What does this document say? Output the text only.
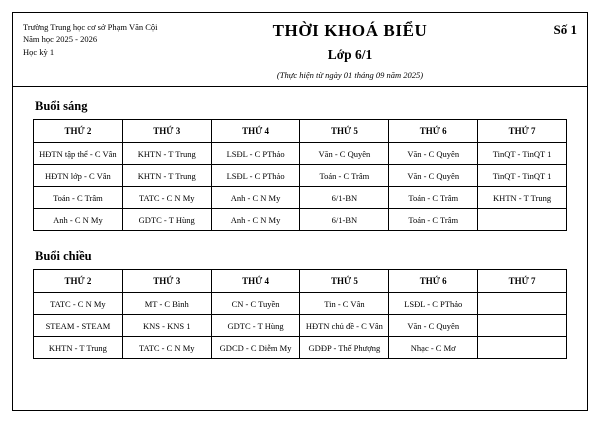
Trường Trung học cơ sở Phạm Văn Cội
Năm học 2025 - 2026
Học kỳ 1
THỜI KHOÁ BIỂU
Lớp 6/1
(Thực hiện từ ngày 01 tháng 09 năm 2025)
Số 1
Buổi sáng
THỨ 2	THỨ 3	THỨ 4	THỨ 5	THỨ 6	THỨ 7
HĐTN tập thể - C Vân	KHTN - T Trung	LSĐL - C PThảo	Văn - C Quyên	Văn - C Quyên	TinQT - TinQT 1
HĐTN lớp - C Vân	KHTN - T Trung	LSĐL - C PThảo	Toán - C Trâm	Văn - C Quyên	TinQT - TinQT 1
Toán - C Trâm	TATC - C N My	Anh - C N My	6/1-BN	Toán - C Trâm	KHTN - T Trung
Anh - C N My	GDTC - T Hùng	Anh - C N My	6/1-BN	Toán - C Trâm	
Buổi chiều
THỨ 2	THỨ 3	THỨ 4	THỨ 5	THỨ 6	THỨ 7
TATC - C N My	MT - C Bình	CN - C Tuyền	Tin - C Vân	LSĐL - C PThảo	
STEAM - STEAM	KNS - KNS 1	GDTC - T Hùng	HĐTN chủ đề - C Vân	Văn - C Quyên	
KHTN - T Trung	TATC - C N My	GDCD - C Diễm My	GDĐP - Thế Phượng	Nhạc - C Mơ	
